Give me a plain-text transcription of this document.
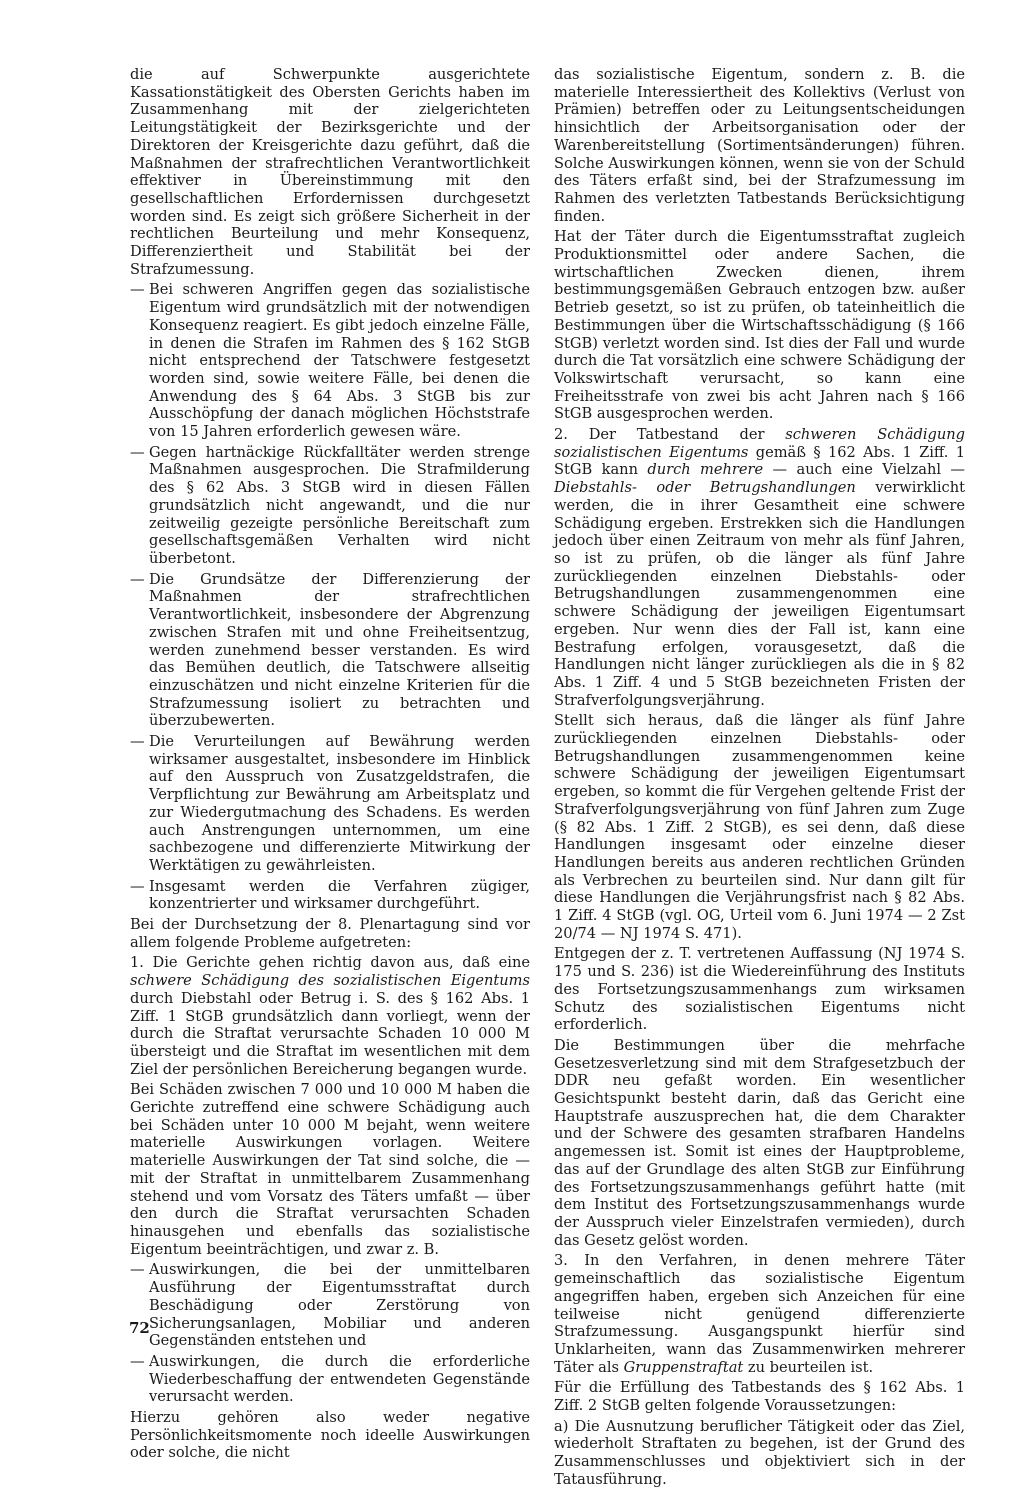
die auf Schwerpunkte ausgerichtete Kassationstätigkeit des Obersten Gerichts haben im Zusammenhang mit der zielgerichteten Leitungstätigkeit der Bezirksgerichte und der Direktoren der Kreisgerichte dazu geführt, daß die Maßnahmen der strafrechtlichen Verantwortlichkeit effektiver in Übereinstimmung mit den gesellschaftlichen Erfordernissen durchgesetzt worden sind. Es zeigt sich größere Sicherheit in der rechtlichen Beurteilung und mehr Konsequenz, Differenziertheit und Stabilität bei der Strafzumessung.

— Bei schweren Angriffen gegen das sozialistische Eigentum wird grundsätzlich mit der notwendigen Konsequenz reagiert. Es gibt jedoch einzelne Fälle, in denen die Strafen im Rahmen des § 162 StGB nicht entsprechend der Tatschwere festgesetzt worden sind, sowie weitere Fälle, bei denen die Anwendung des § 64 Abs. 3 StGB bis zur Ausschöpfung der danach möglichen Höchststrafe von 15 Jahren erforderlich gewesen wäre.
— Gegen hartnäckige Rückfalltäter werden strenge Maßnahmen ausgesprochen. Die Strafmilderung des § 62 Abs. 3 StGB wird in diesen Fällen grundsätzlich nicht angewandt, und die nur zeitweilig gezeigte persönliche Bereitschaft zum gesellschaftsgemäßen Verhalten wird nicht überbetont.
— Die Grundsätze der Differenzierung der Maßnahmen der strafrechtlichen Verantwortlichkeit, insbesondere der Abgrenzung zwischen Strafen mit und ohne Freiheitsentzug, werden zunehmend besser verstanden. Es wird das Bemühen deutlich, die Tatschwere allseitig einzuschätzen und nicht einzelne Kriterien für die Strafzumessung isoliert zu betrachten und überzubewerten.
— Die Verurteilungen auf Bewährung werden wirksamer ausgestaltet, insbesondere im Hinblick auf den Ausspruch von Zusatzgeldstrafen, die Verpflichtung zur Bewährung am Arbeitsplatz und zur Wiedergutmachung des Schadens. Es werden auch Anstrengungen unternommen, um eine sachbezogene und differenzierte Mitwirkung der Werktätigen zu gewährleisten.
— Insgesamt werden die Verfahren zügiger, konzentrierter und wirksamer durchgeführt.

Bei der Durchsetzung der 8. Plenartagung sind vor allem folgende Probleme aufgetreten:

1. Die Gerichte gehen richtig davon aus, daß eine schwere Schädigung des sozialistischen Eigentums durch Diebstahl oder Betrug i. S. des § 162 Abs. 1 Ziff. 1 StGB grundsätzlich dann vorliegt, wenn der durch die Straftat verursachte Schaden 10 000 M übersteigt und die Straftat im wesentlichen mit dem Ziel der persönlichen Bereicherung begangen wurde.

Bei Schäden zwischen 7 000 und 10 000 M haben die Gerichte zutreffend eine schwere Schädigung auch bei Schäden unter 10 000 M bejaht, wenn weitere materielle Auswirkungen vorlagen. Weitere materielle Auswirkungen der Tat sind solche, die — mit der Straftat in unmittelbarem Zusammenhang stehend und vom Vorsatz des Täters umfaßt — über den durch die Straftat verursachten Schaden hinausgehen und ebenfalls das sozialistische Eigentum beeinträchtigen, und zwar z. B.

— Auswirkungen, die bei der unmittelbaren Ausführung der Eigentumsstraftat durch Beschädigung oder Zerstörung von Sicherungsanlagen, Mobiliar und anderen Gegenständen entstehen und
— Auswirkungen, die durch die erforderliche Wiederbeschaffung der entwendeten Gegenstände verursacht werden.

Hierzu gehören also weder negative Persönlichkeitsmomente noch ideelle Auswirkungen oder solche, die nicht

das sozialistische Eigentum, sondern z. B. die materielle Interessiertheit des Kollektivs (Verlust von Prämien) betreffen oder zu Leitungsentscheidungen hinsichtlich der Arbeitsorganisation oder der Warenbereitstellung (Sortimentsänderungen) führen. Solche Auswirkungen können, wenn sie von der Schuld des Täters erfaßt sind, bei der Strafzumessung im Rahmen des verletzten Tatbestands Berücksichtigung finden.

Hat der Täter durch die Eigentumsstraftat zugleich Produktionsmittel oder andere Sachen, die wirtschaftlichen Zwecken dienen, ihrem bestimmungsgemäßen Gebrauch entzogen bzw. außer Betrieb gesetzt, so ist zu prüfen, ob tateinheitlich die Bestimmungen über die Wirtschaftsschädigung (§ 166 StGB) verletzt worden sind. Ist dies der Fall und wurde durch die Tat vorsätzlich eine schwere Schädigung der Volkswirtschaft verursacht, so kann eine Freiheitsstrafe von zwei bis acht Jahren nach § 166 StGB ausgesprochen werden.

2. Der Tatbestand der schweren Schädigung sozialistischen Eigentums gemäß § 162 Abs. 1 Ziff. 1 StGB kann durch mehrere — auch eine Vielzahl — Diebstahls- oder Betrugshandlungen verwirklicht werden, die in ihrer Gesamtheit eine schwere Schädigung ergeben. Erstrekken sich die Handlungen jedoch über einen Zeitraum von mehr als fünf Jahren, so ist zu prüfen, ob die länger als fünf Jahre zurückliegenden einzelnen Diebstahls- oder Betrugshandlungen zusammengenommen eine schwere Schädigung der jeweiligen Eigentumsart ergeben. Nur wenn dies der Fall ist, kann eine Bestrafung erfolgen, vorausgesetzt, daß die Handlungen nicht länger zurückliegen als die in § 82 Abs. 1 Ziff. 4 und 5 StGB bezeichneten Fristen der Strafverfolgungsverjährung.

Stellt sich heraus, daß die länger als fünf Jahre zurückliegenden einzelnen Diebstahls- oder Betrugshandlungen zusammengenommen keine schwere Schädigung der jeweiligen Eigentumsart ergeben, so kommt die für Vergehen geltende Frist der Strafverfolgungsverjährung von fünf Jahren zum Zuge (§ 82 Abs. 1 Ziff. 2 StGB), es sei denn, daß diese Handlungen insgesamt oder einzelne dieser Handlungen bereits aus anderen rechtlichen Gründen als Verbrechen zu beurteilen sind. Nur dann gilt für diese Handlungen die Verjährungsfrist nach § 82 Abs. 1 Ziff. 4 StGB (vgl. OG, Urteil vom 6. Juni 1974 — 2 Zst 20/74 — NJ 1974 S. 471).

Entgegen der z. T. vertretenen Auffassung (NJ 1974 S. 175 und S. 236) ist die Wiedereinführung des Instituts des Fortsetzungszusammenhangs zum wirksamen Schutz des sozialistischen Eigentums nicht erforderlich.

Die Bestimmungen über die mehrfache Gesetzesverletzung sind mit dem Strafgesetzbuch der DDR neu gefaßt worden. Ein wesentlicher Gesichtspunkt besteht darin, daß das Gericht eine Hauptstrafe auszusprechen hat, die dem Charakter und der Schwere des gesamten strafbaren Handelns angemessen ist. Somit ist eines der Hauptprobleme, das auf der Grundlage des alten StGB zur Einführung des Fortsetzungszusammenhangs geführt hatte (mit dem Institut des Fortsetzungszusammenhangs wurde der Ausspruch vieler Einzelstrafen vermieden), durch das Gesetz gelöst worden.

3. In den Verfahren, in denen mehrere Täter gemeinschaftlich das sozialistische Eigentum angegriffen haben, ergeben sich Anzeichen für eine teilweise nicht genügend differenzierte Strafzumessung. Ausgangspunkt hierfür sind Unklarheiten, wann das Zusammenwirken mehrerer Täter als Gruppenstraftat zu beurteilen ist.

Für die Erfüllung des Tatbestands des § 162 Abs. 1 Ziff. 2 StGB gelten folgende Voraussetzungen:

a) Die Ausnutzung beruflicher Tätigkeit oder das Ziel, wiederholt Straftaten zu begehen, ist der Grund des Zusammenschlusses und objektiviert sich in der Tatausführung.

72
